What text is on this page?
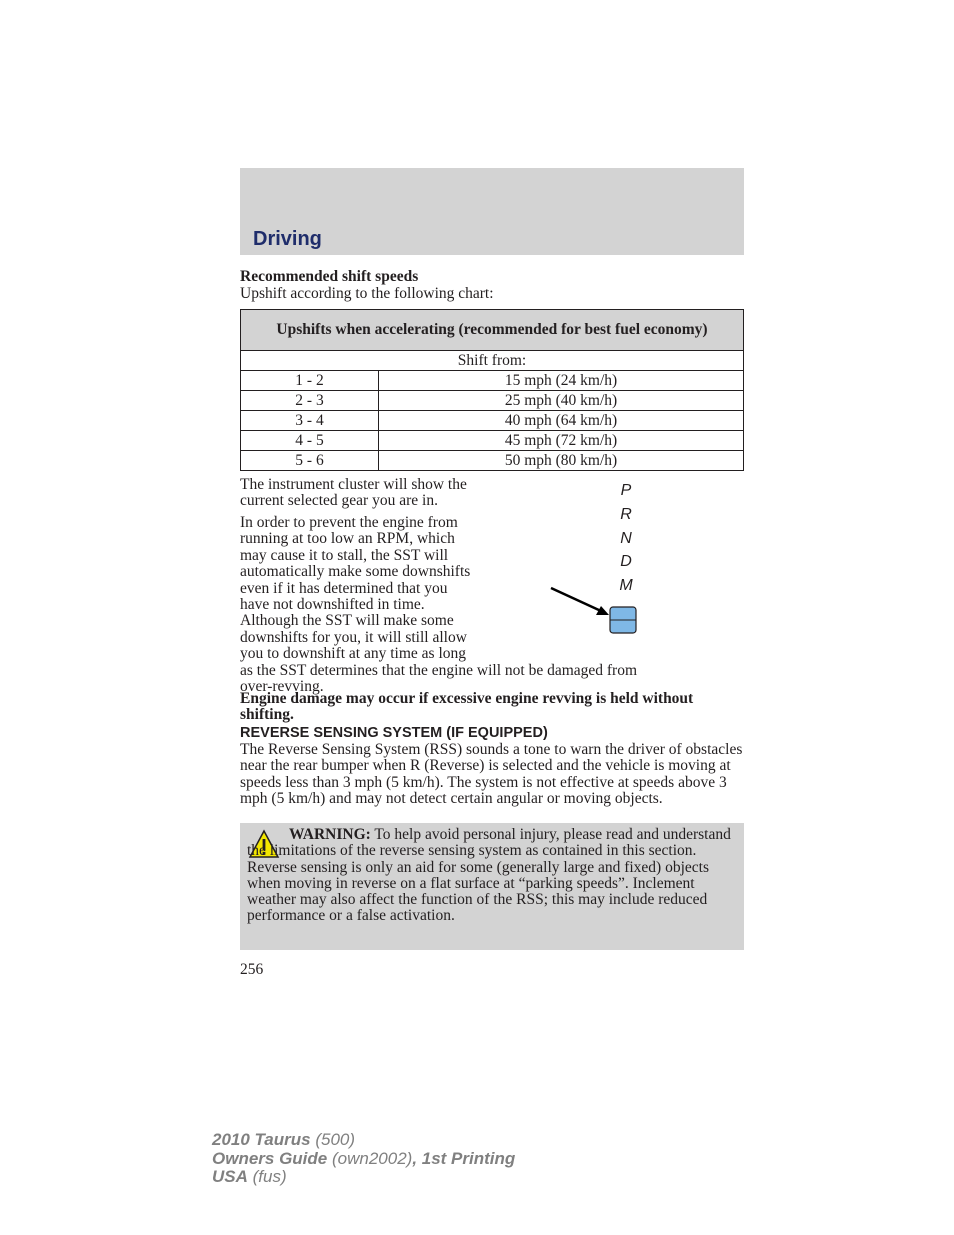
Driving
Recommended shift speeds
Upshift according to the following chart:
Upshifts when accelerating (recommended for best fuel economy)	
Shift from:	
1 - 2	15 mph (24 km/h)
2 - 3	25 mph (40 km/h)
3 - 4	40 mph (64 km/h)
4 - 5	45 mph (72 km/h)
5 - 6	50 mph (80 km/h)
The instrument cluster will show the current selected gear you are in.
In order to prevent the engine from
running at too low an RPM, which
may cause it to stall, the SST will
automatically make some downshifts
even if it has determined that you
have not downshifted in time.
Although the SST will make some
downshifts for you, it will still allow
you to downshift at any time as long
as the SST determines that the engine will not be damaged from
over-revving.
Engine damage may occur if excessive engine revving is held without shifting.
P
R
N
D
M
REVERSE SENSING SYSTEM (IF EQUIPPED)
The Reverse Sensing System (RSS) sounds a tone to warn the driver of obstacles near the rear bumper when R (Reverse) is selected and the vehicle is moving at speeds less than 3 mph (5 km/h). The system is not effective at speeds above 3 mph (5 km/h) and may not detect certain angular or moving objects.
WARNING: To help avoid personal injury, please read and understand the limitations of the reverse sensing system as contained in this section. Reverse sensing is only an aid for some (generally large and fixed) objects when moving in reverse on a flat surface at “parking speeds”. Inclement weather may also affect the function of the RSS; this may include reduced performance or a false activation.
256
2010 Taurus (500)
Owners Guide (own2002), 1st Printing
USA (fus)
